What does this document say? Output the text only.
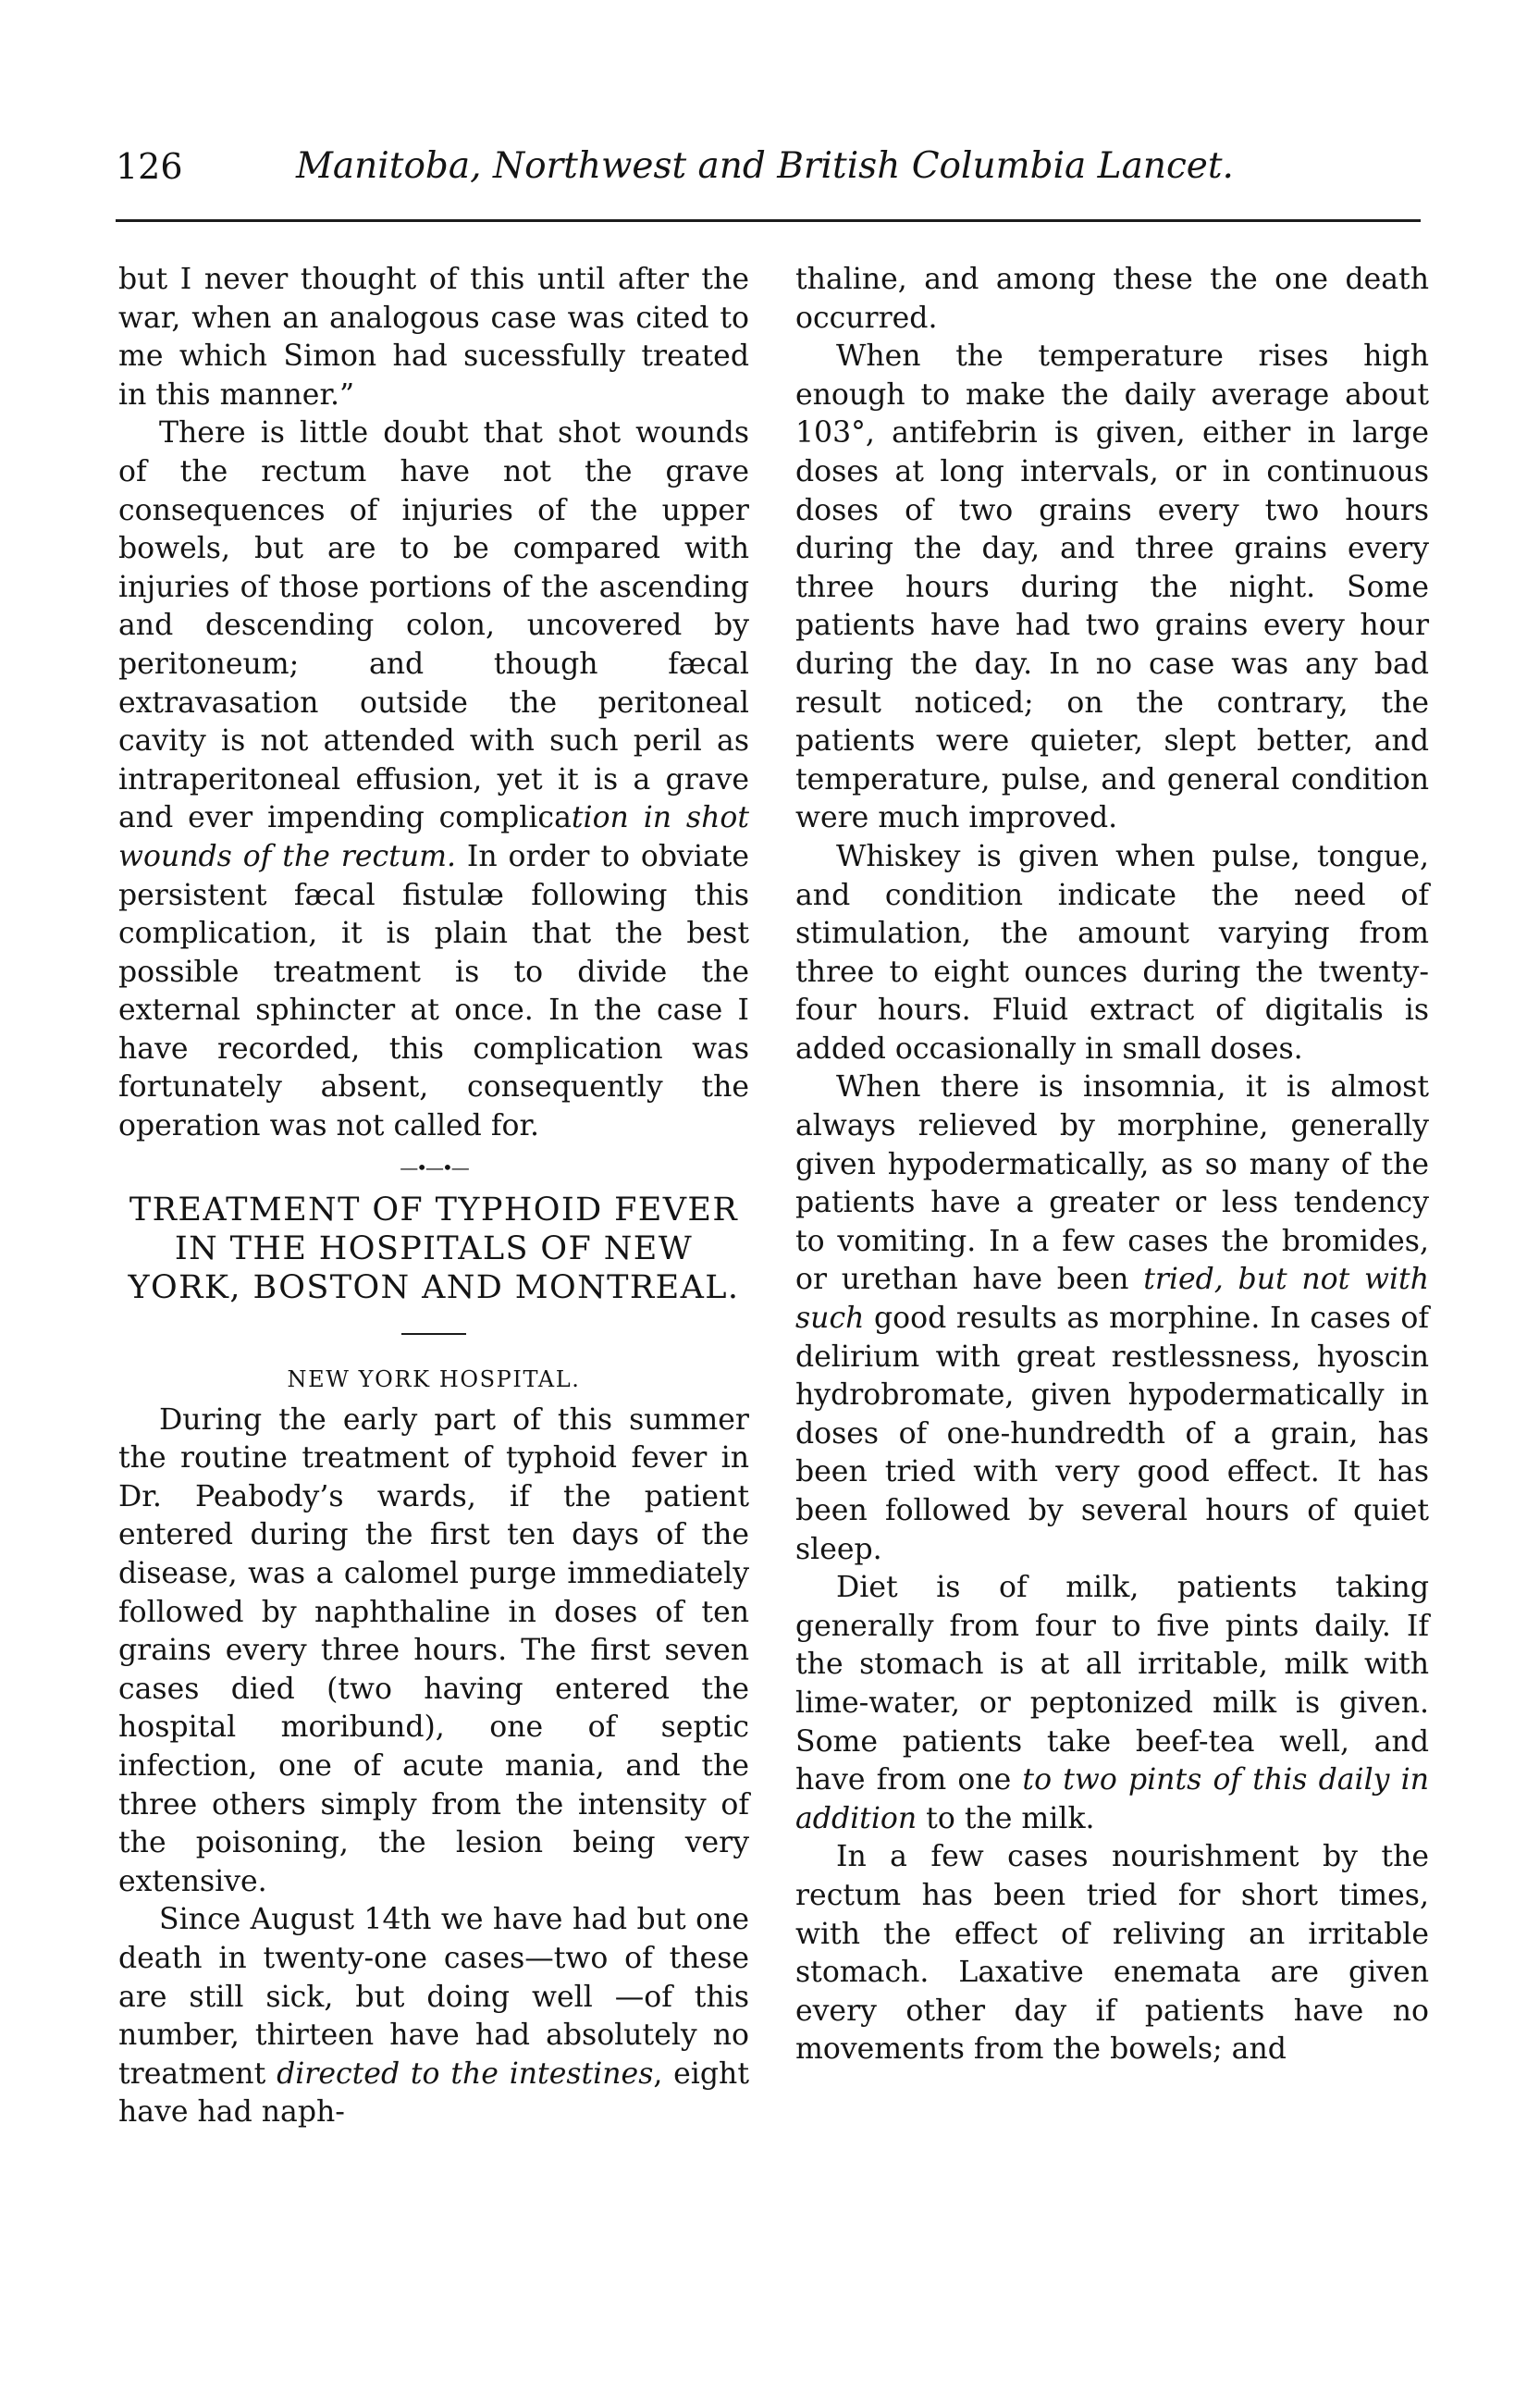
126	Manitoba, Northwest and British Columbia Lancet.

but I never thought of this until after the war, when an analogous case was cited to me which Simon had sucessfully treated in this manner.”

There is little doubt that shot wounds of the rectum have not the grave consequences of injuries of the upper bowels, but are to be compared with injuries of those portions of the ascending and descending colon, uncovered by peritoneum; and though fæcal extravasation outside the peritoneal cavity is not attended with such peril as intraperitoneal effusion, yet it is a grave and ever impending complication in shot wounds of the rectum. In order to obviate persistent fæcal fistulæ following this complication, it is plain that the best possible treatment is to divide the external sphincter at once. In the case I have recorded, this complication was fortunately absent, consequently the operation was not called for.

—•—•—
TREATMENT OF TYPHOID FEVER IN THE HOSPITALS OF NEW YORK, BOSTON AND MONTREAL.
NEW YORK HOSPITAL.

During the early part of this summer the routine treatment of typhoid fever in Dr. Peabody’s wards, if the patient entered during the first ten days of the disease, was a calomel purge immediately followed by naphthaline in doses of ten grains every three hours. The first seven cases died (two having entered the hospital moribund), one of septic infection, one of acute mania, and the three others simply from the intensity of the poisoning, the lesion being very extensive.

Since August 14th we have had but one death in twenty-one cases—two of these are still sick, but doing well —of this number, thirteen have had absolutely no treatment directed to the intestines, eight have had naph-

thaline, and among these the one death occurred.

When the temperature rises high enough to make the daily average about 103°, antifebrin is given, either in large doses at long intervals, or in continuous doses of two grains every two hours during the day, and three grains every three hours during the night. Some patients have had two grains every hour during the day. In no case was any bad result noticed; on the contrary, the patients were quieter, slept better, and temperature, pulse, and general condition were much improved.

Whiskey is given when pulse, tongue, and condition indicate the need of stimulation, the amount varying from three to eight ounces during the twenty-four hours. Fluid extract of digitalis is added occasionally in small doses.

When there is insomnia, it is almost always relieved by morphine, generally given hypodermatically, as so many of the patients have a greater or less tendency to vomiting. In a few cases the bromides, or urethan have been tried, but not with such good results as morphine. In cases of delirium with great restlessness, hyoscin hydrobromate, given hypodermatically in doses of one-hundredth of a grain, has been tried with very good effect. It has been followed by several hours of quiet sleep.

Diet is of milk, patients taking generally from four to five pints daily. If the stomach is at all irritable, milk with lime-water, or peptonized milk is given. Some patients take beef-tea well, and have from one to two pints of this daily in addition to the milk.

In a few cases nourishment by the rectum has been tried for short times, with the effect of reliving an irritable stomach. Laxative enemata are given every other day if patients have no movements from the bowels; and
